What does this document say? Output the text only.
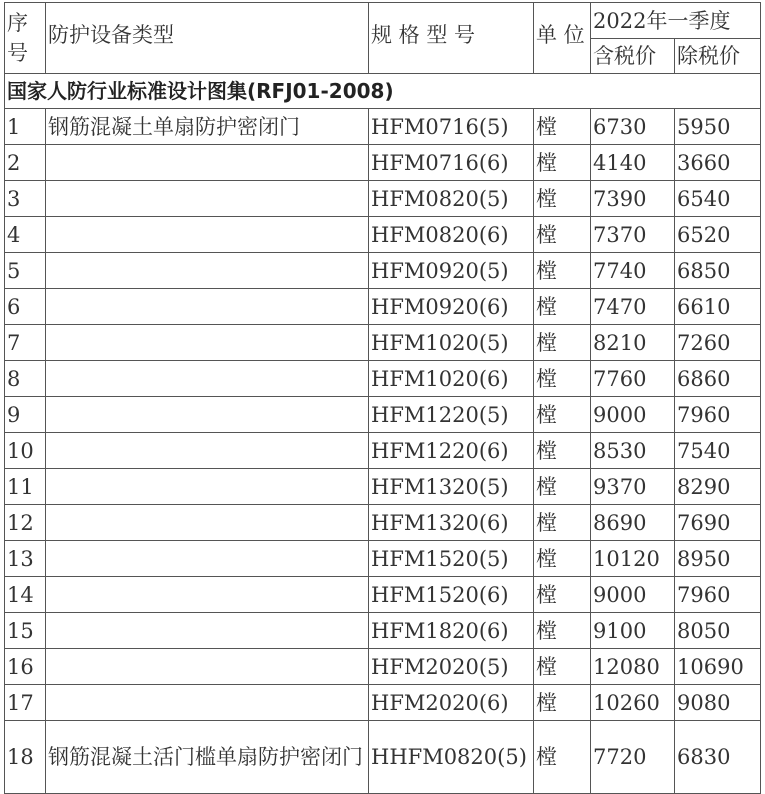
序
号	防护设备类型	规 格 型 号	单 位	2022年一季度	
				含税价	除税价
国家人防行业标准设计图集(RFJ01-2008)					
1	钢筋混凝土单扇防护密闭门	HFM0716(5)	樘	6730	5950
2		HFM0716(6)	樘	4140	3660
3		HFM0820(5)	樘	7390	6540
4		HFM0820(6)	樘	7370	6520
5		HFM0920(5)	樘	7740	6850
6		HFM0920(6)	樘	7470	6610
7		HFM1020(5)	樘	8210	7260
8		HFM1020(6)	樘	7760	6860
9		HFM1220(5)	樘	9000	7960
10		HFM1220(6)	樘	8530	7540
11		HFM1320(5)	樘	9370	8290
12		HFM1320(6)	樘	8690	7690
13		HFM1520(5)	樘	10120	8950
14		HFM1520(6)	樘	9000	7960
15		HFM1820(6)	樘	9100	8050
16		HFM2020(5)	樘	12080	10690
17		HFM2020(6)	樘	10260	9080
18	钢筋混凝土活门槛单扇防护密闭门	HHFM0820(5)	樘	7720	6830
